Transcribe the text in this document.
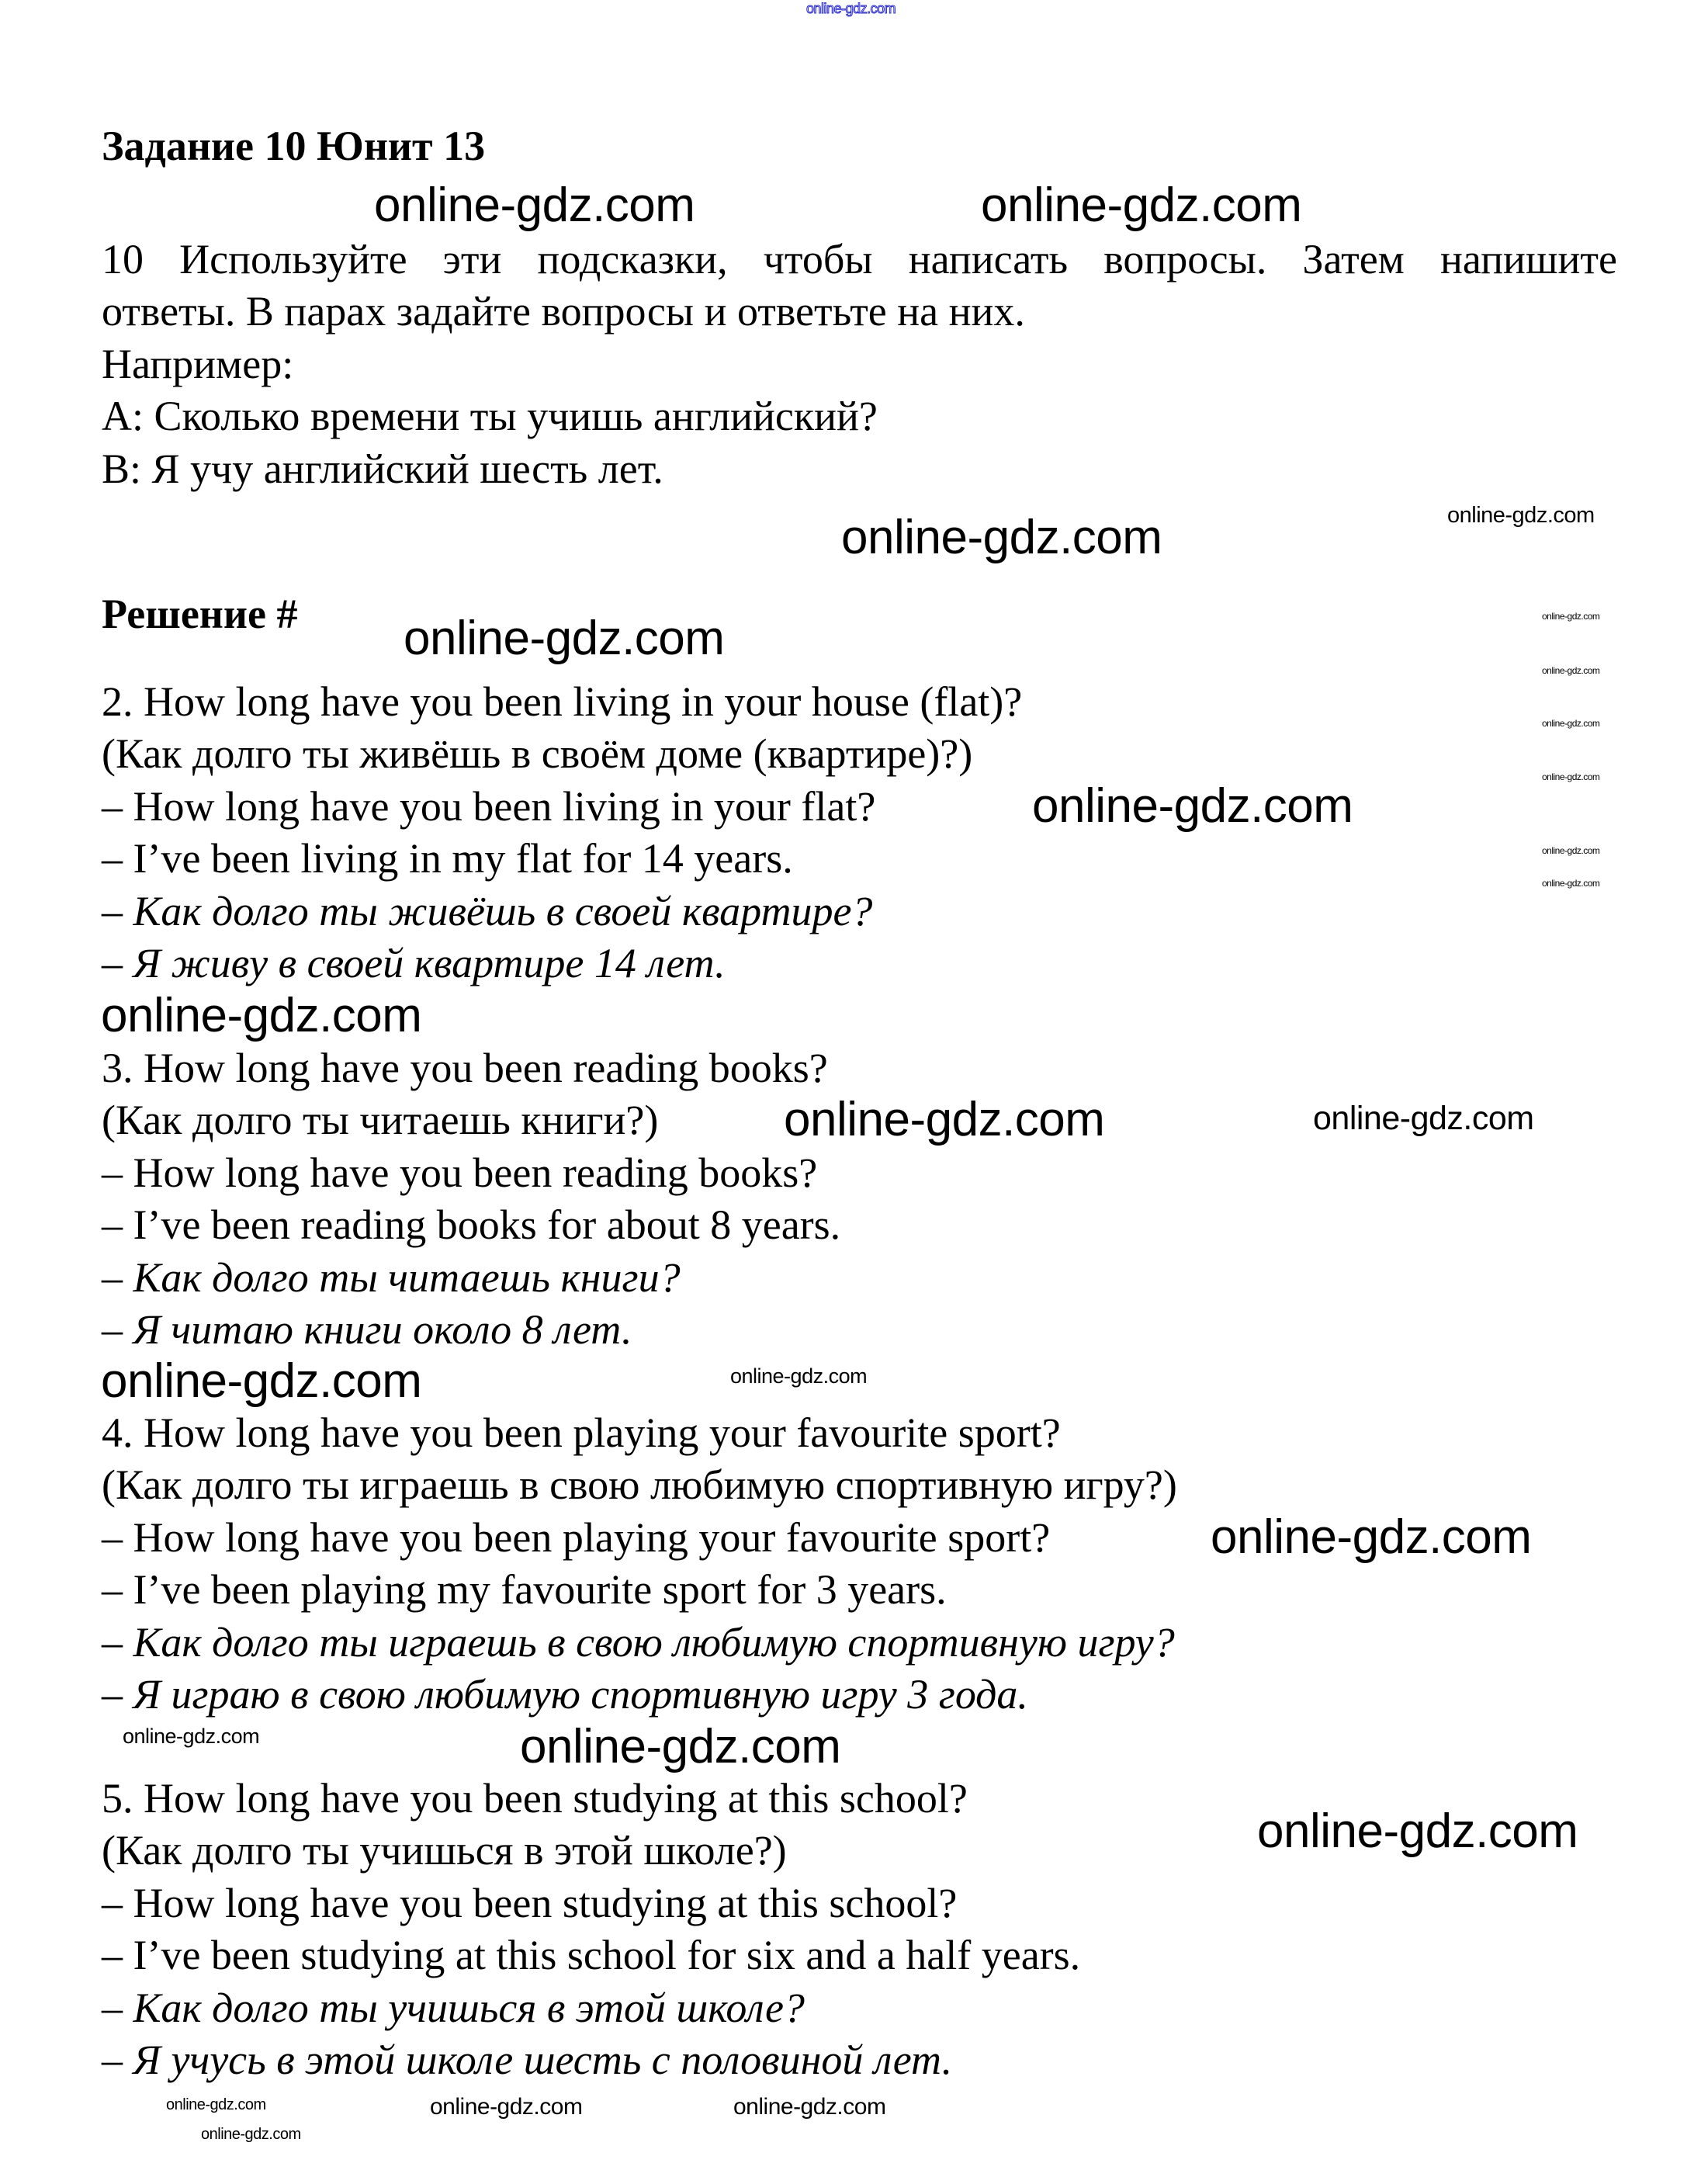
Задание 10 Юнит 13
10 Используйте эти подсказки, чтобы написать вопросы. Затем напишите
ответы. В парах задайте вопросы и ответьте на них.
Например:
А: Сколько времени ты учишь английский?
В: Я учу английский шесть лет.
Решение #
2. How long have you been living in your house (flat)?
(Как долго ты живёшь в своём доме (квартире)?)
– How long have you been living in your flat?
– I’ve been living in my flat for 14 years.
– Как долго ты живёшь в своей квартире?
– Я живу в своей квартире 14 лет.
3. How long have you been reading books?
(Как долго ты читаешь книги?)
– How long have you been reading books?
– I’ve been reading books for about 8 years.
– Как долго ты читаешь книги?
– Я читаю книги около 8 лет.
4. How long have you been playing your favourite sport?
(Как долго ты играешь в свою любимую спортивную игру?)
– How long have you been playing your favourite sport?
– I’ve been playing my favourite sport for 3 years.
– Как долго ты играешь в свою любимую спортивную игру?
– Я играю в свою любимую спортивную игру 3 года.
5. How long have you been studying at this school?
(Как долго ты учишься в этой школе?)
– How long have you been studying at this school?
– I’ve been studying at this school for six and a half years.
– Как долго ты учишься в этой школе?
– Я учусь в этой школе шесть с половиной лет.
online-gdz.com
online-gdz.com	online-gdz.com
online-gdz.com	online-gdz.com
online-gdz.com
online-gdz.com
online-gdz.com
online-gdz.com	online-gdz.com
online-gdz.com	online-gdz.com
online-gdz.com
online-gdz.com
online-gdz.com
online-gdz.com
online-gdz.com
online-gdz.com
online-gdz.com	online-gdz.com
online-gdz.com
online-gdz.com
online-gdz.com
online-gdz.com
online-gdz.com
online-gdz.com
